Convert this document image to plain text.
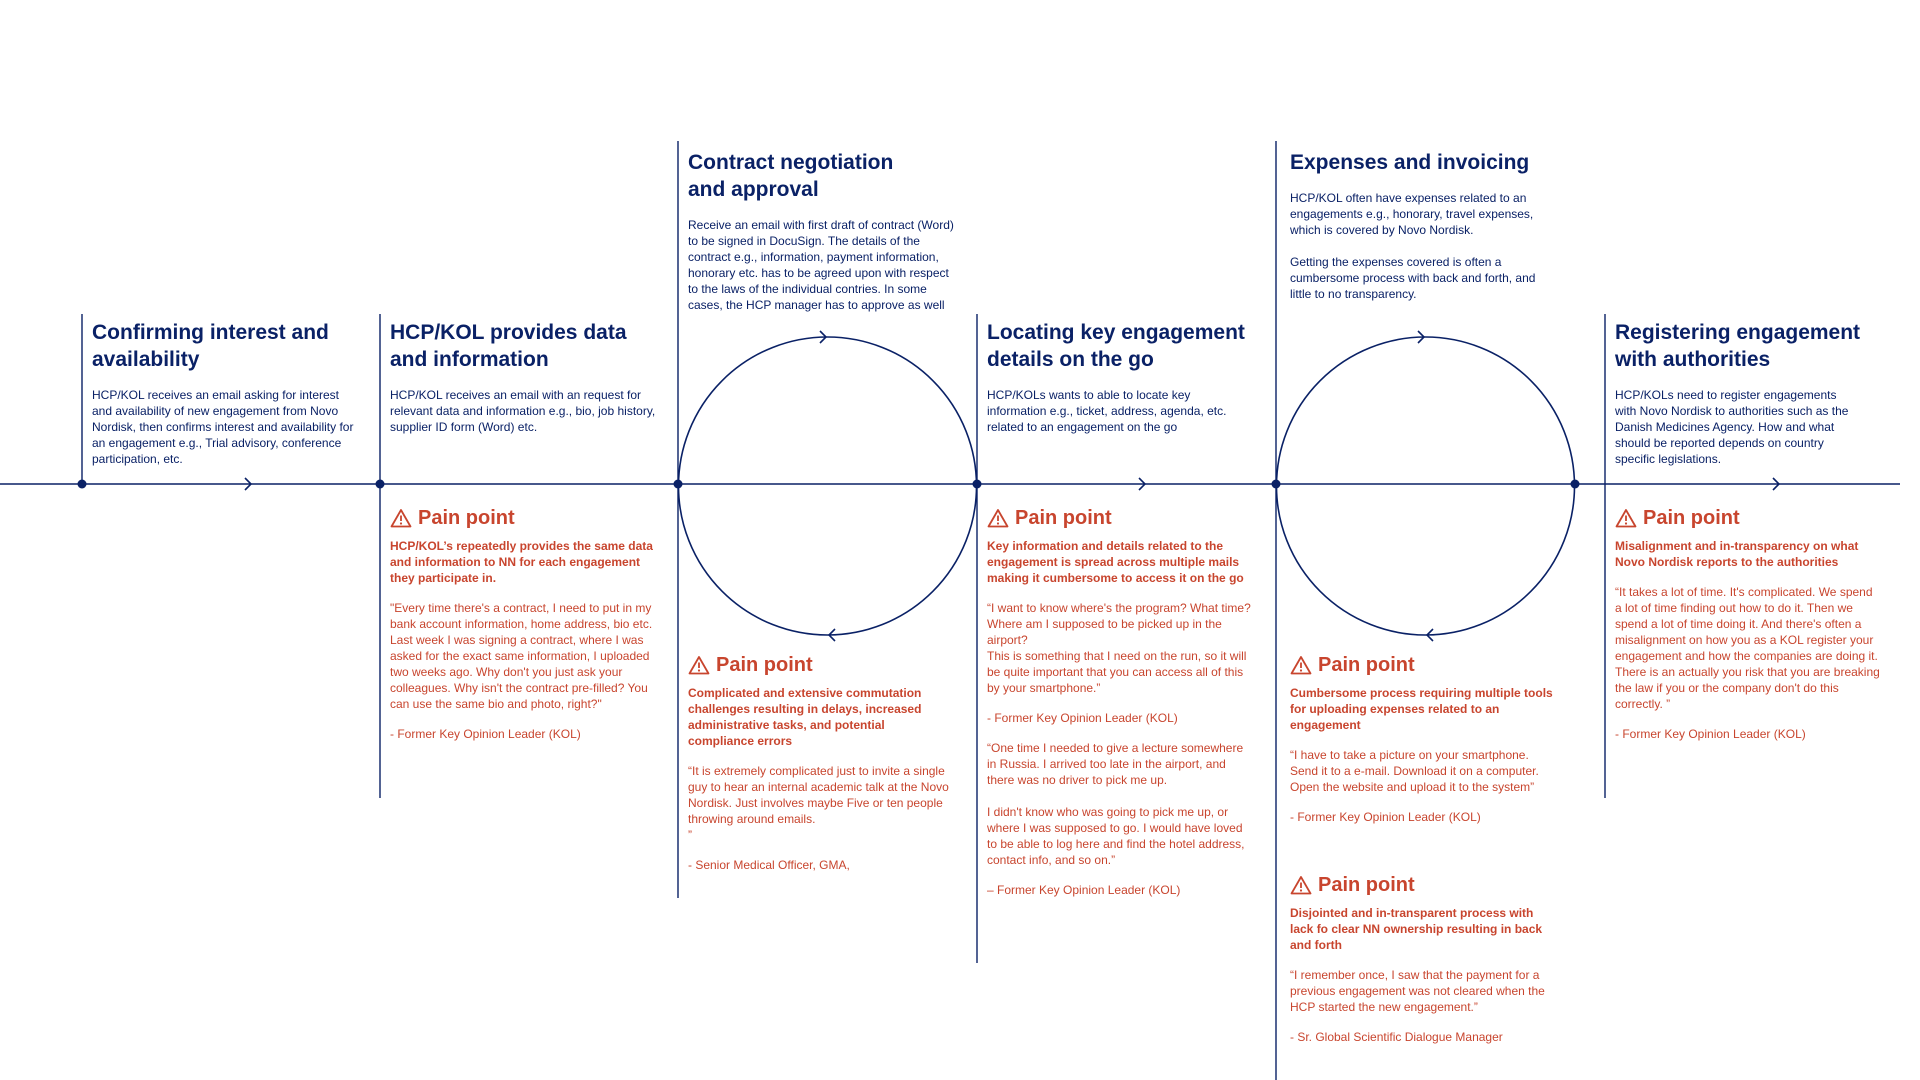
Confirming interest and availability

HCP/KOL receives an email asking for interest and availability of new engagement from Novo Nordisk, then confirms interest and availability for an engagement e.g., Trial advisory, conference participation, etc.

HCP/KOL provides data and information

HCP/KOL receives an email with an request for relevant data and information e.g., bio, job history, supplier ID form (Word) etc.

Contract negotiation and approval

Receive an email with first draft of contract (Word) to be signed in DocuSign. The details of the contract e.g., information, payment information, honorary etc. has to be agreed upon with respect to the laws of the individual contries. In some cases, the HCP manager has to approve as well

Locating key engagement details on the go

HCP/KOLs wants to able to locate key information e.g., ticket, address, agenda, etc. related to an engagement on the go

Expenses and invoicing

HCP/KOL often have expenses related to an engagements e.g., honorary, travel expenses, which is covered by Novo Nordisk.

Getting the expenses covered is often a cumbersome process with back and forth, and little to no transparency.

Registering engagement with authorities

HCP/KOLs need to register engagements with Novo Nordisk to authorities such as the Danish Medicines Agency. How and what should be reported depends on country specific legislations.

Pain point

HCP/KOL’s repeatedly provides the same data and information to NN for each engagement they participate in.

"Every time there's a contract, I need to put in my bank account information, home address, bio etc. Last week I was signing a contract, where I was asked for the exact same information, I uploaded two weeks ago. Why don't you just ask your colleagues. Why isn't the contract pre-filled? You can use the same bio and photo, right?"

- Former Key Opinion Leader (KOL)

Pain point

Complicated and extensive commutation challenges resulting in delays, increased administrative tasks, and potential compliance errors

“It is extremely complicated just to invite a single guy to hear an internal academic talk at the Novo Nordisk. Just involves maybe Five or ten people throwing around emails.
”

- Senior Medical Officer, GMA,

Pain point

Key information and details related to the engagement is spread across multiple mails making it cumbersome to access it on the go

“I want to know where's the program? What time? Where am I supposed to be picked up in the airport?
This is something that I need on the run, so it will be quite important that you can access all of this by your smartphone.”

- Former Key Opinion Leader (KOL)

“One time I needed to give a lecture somewhere in Russia. I arrived too late in the airport, and there was no driver to pick me up.

I didn't know who was going to pick me up, or where I was supposed to go. I would have loved to be able to log here and find the hotel address, contact info, and so on.”

– Former Key Opinion Leader (KOL)

Pain point

Cumbersome process requiring multiple tools for uploading expenses related to an engagement

“I have to take a picture on your smartphone. Send it to a e-mail. Download it on a computer. Open the website and upload it to the system”

- Former Key Opinion Leader (KOL)

Pain point

Disjointed and in-transparent process with lack fo clear NN ownership resulting in back and forth

“I remember once, I saw that the payment for a previous engagement was not cleared when the HCP started the new engagement.”

- Sr. Global Scientific Dialogue Manager

Pain point

Misalignment and in-transparency on what Novo Nordisk reports to the authorities

“It takes a lot of time. It's complicated. We spend a lot of time finding out how to do it. Then we spend a lot of time doing it. And there's often a misalignment on how you as a KOL register your engagement and how the companies are doing it. There is an actually you risk that you are breaking the law if you or the company don't do this correctly. ”

- Former Key Opinion Leader (KOL)
